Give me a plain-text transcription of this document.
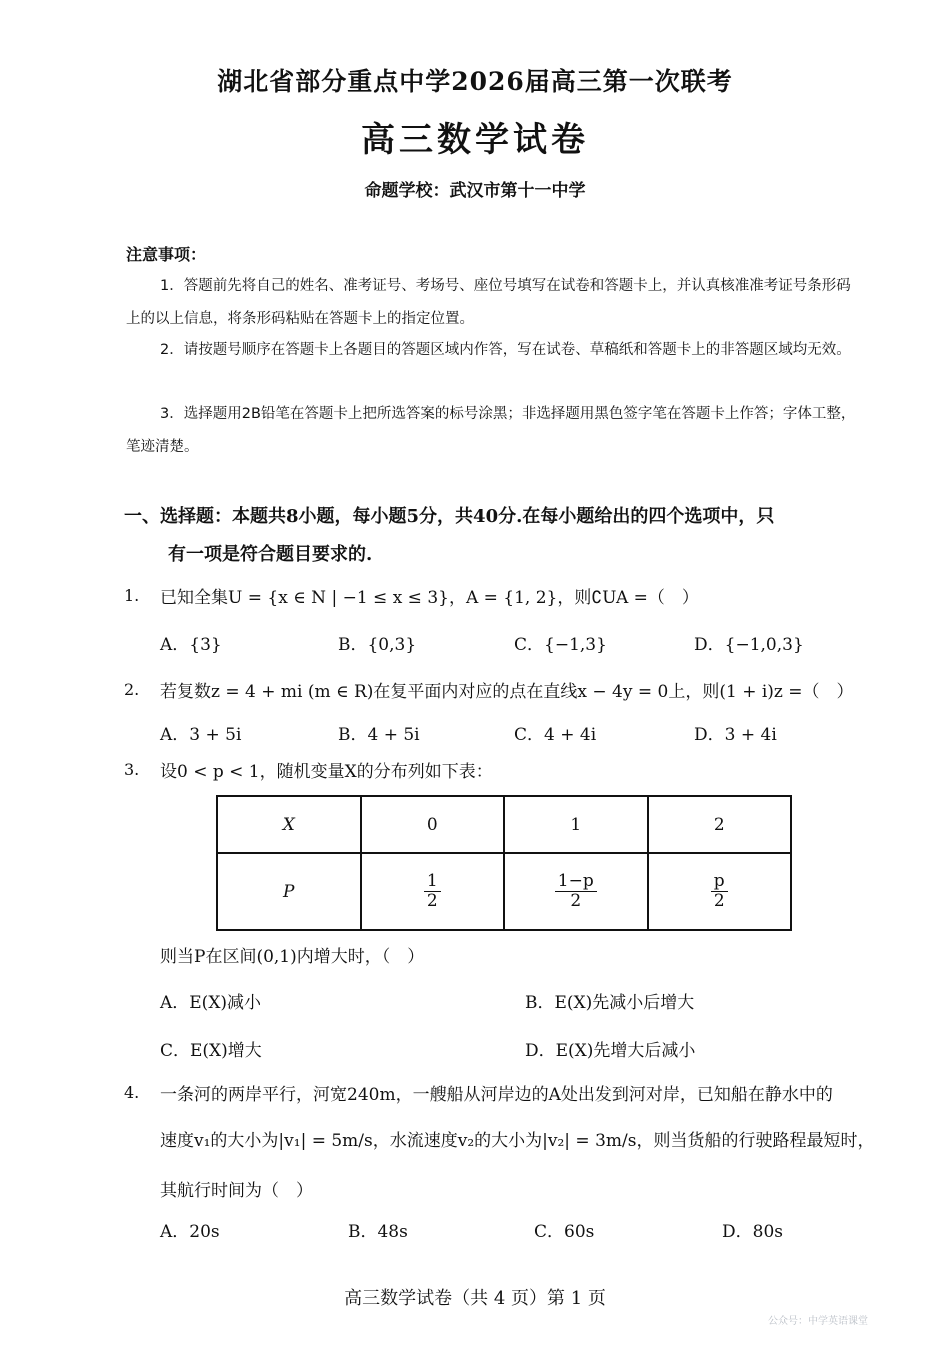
湖北省部分重点中学2026届高三第一次联考
高三数学试卷
命题学校：武汉市第十一中学
注意事项：
1．答题前先将自己的姓名、准考证号、考场号、座位号填写在试卷和答题卡上，并认真核准准考证号条形码上的以上信息，将条形码粘贴在答题卡上的指定位置。
2．请按题号顺序在答题卡上各题目的答题区域内作答，写在试卷、草稿纸和答题卡上的非答题区域均无效。
3．选择题用2B铅笔在答题卡上把所选答案的标号涂黑；非选择题用黑色签字笔在答题卡上作答；字体工整，笔迹清楚。
一、选择题：本题共8小题，每小题5分，共40分.在每小题给出的四个选项中，只
有一项是符合题目要求的.
1. 已知全集U = {x ∈ N | −1 ≤ x ≤ 3}，A = {1, 2}，则∁UA =（　）
A．{3}	B．{0,3}	C．{−1,3}	D．{−1,0,3}
2. 若复数z = 4 + mi (m ∈ R)在复平面内对应的点在直线x − 4y = 0上，则(1 + i)z =（　）
A．3 + 5i	B．4 + 5i	C．4 + 4i	D．3 + 4i
3. 设0 < p < 1，随机变量X的分布列如下表：
X	0	1	2
P	$\frac{1}{2}$	$\frac{1-p}{2}$	$\frac{p}{2}$
则当P在区间(0,1)内增大时，（　）
A．E(X)减小	B．E(X)先减小后增大
C．E(X)增大	D．E(X)先增大后减小
4. 一条河的两岸平行，河宽240m，一艘船从河岸边的A处出发到河对岸，已知船在静水中的
速度v₁的大小为|v₁| = 5m/s，水流速度v₂的大小为|v₂| = 3m/s，则当货船的行驶路程最短时，
其航行时间为（　）
A．20s	B．48s	C．60s	D．80s
高三数学试卷（共 4 页）第 1 页
公众号：中学英语课堂
